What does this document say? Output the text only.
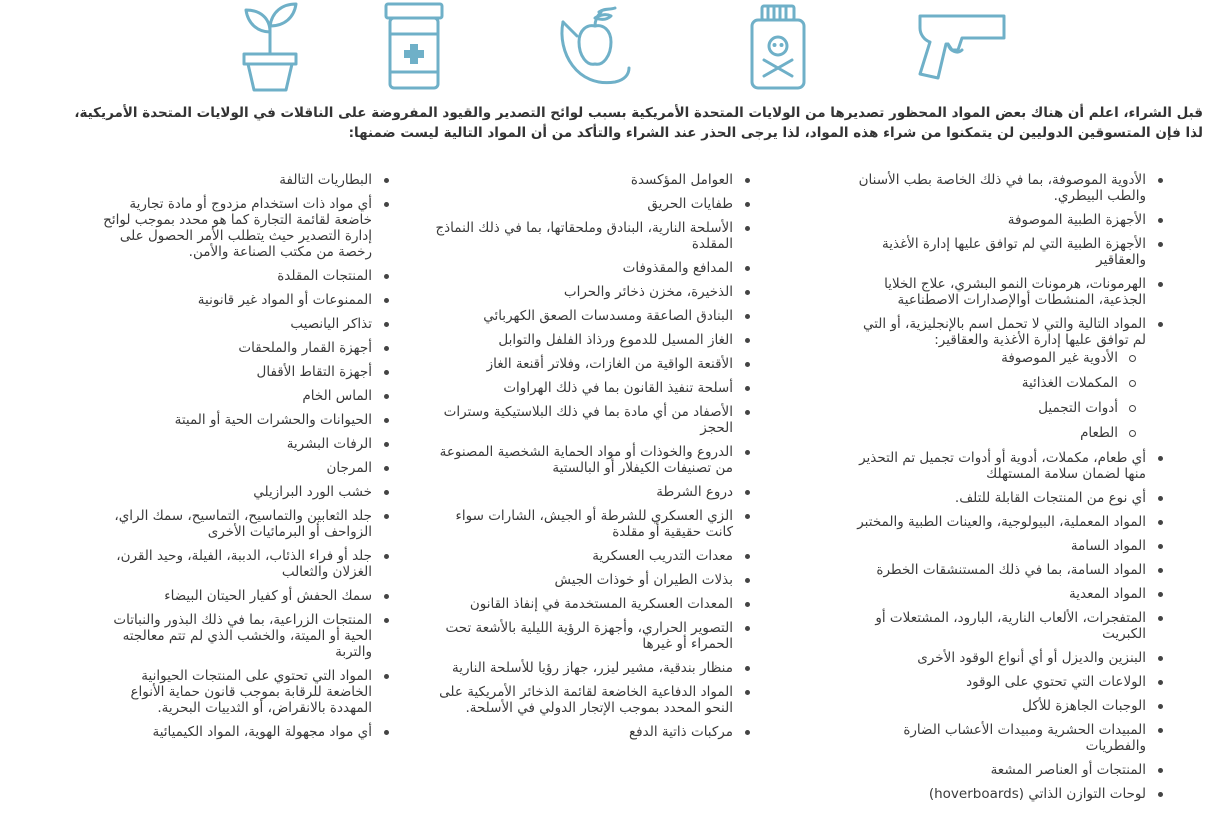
قبل الشراء، اعلم أن هناك بعض المواد المحظور تصديرها من الولايات المتحدة الأمريكية بسبب لوائح التصدير والقيود المفروضة على الناقلات في الولايات المتحدة الأمريكية، لذا فإن المتسوقين الدوليين لن يتمكنوا من شراء هذه المواد، لذا يرجى الحذر عند الشراء والتأكد من أن المواد التالية ليست ضمنها:

الأدوية الموصوفة، بما في ذلك الخاصة بطب الأسنان والطب البيطري.
الأجهزة الطبية الموصوفة
الأجهزة الطبية التي لم توافق عليها إدارة الأغذية والعقاقير
الهرمونات، هرمونات النمو البشري، علاج الخلايا الجذعية، المنشطات أوالإصدارات الاصطناعية
المواد التالية والتي لا تحمل اسم بالإنجليزية، أو التي لم توافق عليها إدارة الأغذية والعقاقير:
الأدوية غير الموصوفة
المكملات الغذائية
أدوات التجميل
الطعام
أي طعام، مكملات، أدوية أو أدوات تجميل تم التحذير منها لضمان سلامة المستهلك
أي نوع من المنتجات القابلة للتلف.
المواد المعملية، البيولوجية، والعينات الطبية والمختبر
المواد السامة
المواد السامة، بما في ذلك المستنشقات الخطرة
المواد المعدية
المتفجرات، الألعاب النارية، البارود، المشتعلات أو الكبريت
البنزين والديزل أو أي أنواع الوقود الأخرى
الولاعات التي تحتوي على الوقود
الوجبات الجاهزة للأكل
المبيدات الحشرية ومبيدات الأعشاب الضارة والفطريات
المنتجات أو العناصر المشعة
لوحات التوازن الذاتي (hoverboards)
العوامل المؤكسدة
طفايات الحريق
الأسلحة النارية، البنادق وملحقاتها، بما في ذلك النماذج المقلدة
المدافع والمقذوفات
الذخيرة، مخزن ذخائر والحراب
البنادق الصاعقة ومسدسات الصعق الكهربائي
الغاز المسيل للدموع ورذاذ الفلفل والتوابل
الأقنعة الواقية من الغازات، وفلاتر أقنعة الغاز
أسلحة تنفيذ القانون بما في ذلك الهراوات
الأصفاد من أي مادة بما في ذلك البلاستيكية وسترات الحجز
الدروع والخوذات أو مواد الحماية الشخصية المصنوعة من تصنيفات الكيفلار أو البالستية
دروع الشرطة
الزي العسكري للشرطة أو الجيش، الشارات سواء كانت حقيقية أو مقلدة
معدات التدريب العسكرية
بذلات الطيران أو خوذات الجيش
المعدات العسكرية المستخدمة في إنفاذ القانون
التصوير الحراري، وأجهزة الرؤية الليلية بالأشعة تحت الحمراء أو غيرها
منظار بندقية، مشير ليزر، جهاز رؤيا للأسلحة النارية
المواد الدفاعية الخاضعة لقائمة الذخائر الأمريكية على النحو المحدد بموجب الإتجار الدولي في الأسلحة.
مركبات ذاتية الدفع
البطاريات التالفة
أي مواد ذات استخدام مزدوج أو مادة تجارية خاضعة لقائمة التجارة كما هو محدد بموجب لوائح إدارة التصدير حيث يتطلب الأمر الحصول على رخصة من مكتب الصناعة والأمن.
المنتجات المقلدة
الممنوعات أو المواد غير قانونية
تذاكر اليانصيب
أجهزة القمار والملحقات
أجهزة التقاط الأقفال
الماس الخام
الحيوانات والحشرات الحية أو الميتة
الرفات البشرية
المرجان
خشب الورد البرازيلي
جلد الثعابين والتماسيح، التماسيح، سمك الراي، الزواحف أو البرمائيات الأخرى
جلد أو فراء الذئاب، الدببة، الفيلة، وحيد القرن، الغزلان والثعالب
سمك الحفش أو كفيار الحيتان البيضاء
المنتجات الزراعية، بما في ذلك البذور والنباتات الحية أو الميتة، والخشب الذي لم تتم معالجته والتربة
المواد التي تحتوي على المنتجات الحيوانية الخاضعة للرقابة بموجب قانون حماية الأنواع المهددة بالانقراض، أو الثدييات البحرية.
أي مواد مجهولة الهوية، المواد الكيميائية
